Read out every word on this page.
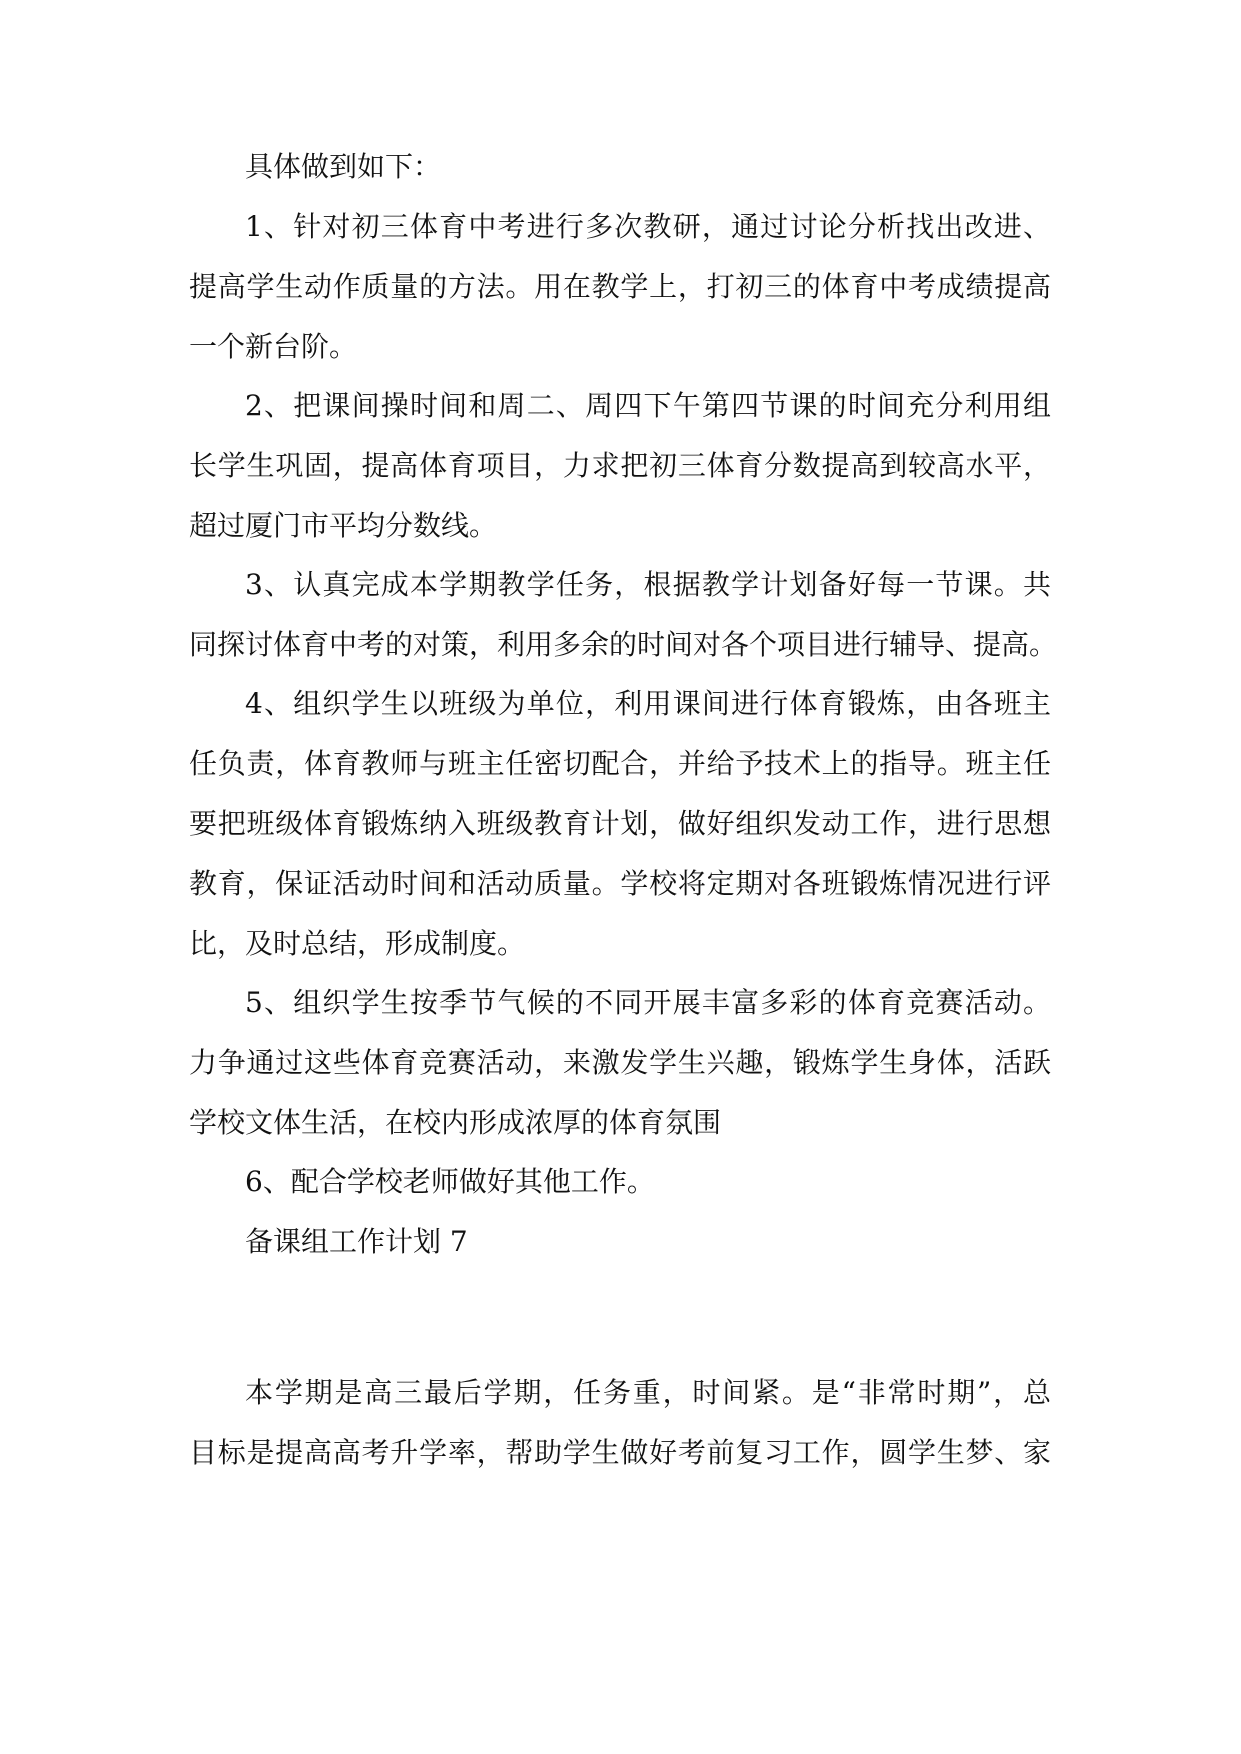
具体做到如下：
1、针对初三体育中考进行多次教研，通过讨论分析找出改进、
提高学生动作质量的方法。用在教学上，打初三的体育中考成绩提高
一个新台阶。
2、把课间操时间和周二、周四下午第四节课的时间充分利用组
长学生巩固，提高体育项目，力求把初三体育分数提高到较高水平，
超过厦门市平均分数线。
3、认真完成本学期教学任务，根据教学计划备好每一节课。共
同探讨体育中考的对策，利用多余的时间对各个项目进行辅导、提高。
4、组织学生以班级为单位，利用课间进行体育锻炼，由各班主
任负责，体育教师与班主任密切配合，并给予技术上的指导。班主任
要把班级体育锻炼纳入班级教育计划，做好组织发动工作，进行思想
教育，保证活动时间和活动质量。学校将定期对各班锻炼情况进行评
比，及时总结，形成制度。
5、组织学生按季节气候的不同开展丰富多彩的体育竞赛活动。
力争通过这些体育竞赛活动，来激发学生兴趣，锻炼学生身体，活跃
学校文体生活，在校内形成浓厚的体育氛围
6、配合学校老师做好其他工作。
备课组工作计划 7
本学期是高三最后学期，任务重，时间紧。是“非常时期”，总
目标是提高高考升学率，帮助学生做好考前复习工作，圆学生梦、家
